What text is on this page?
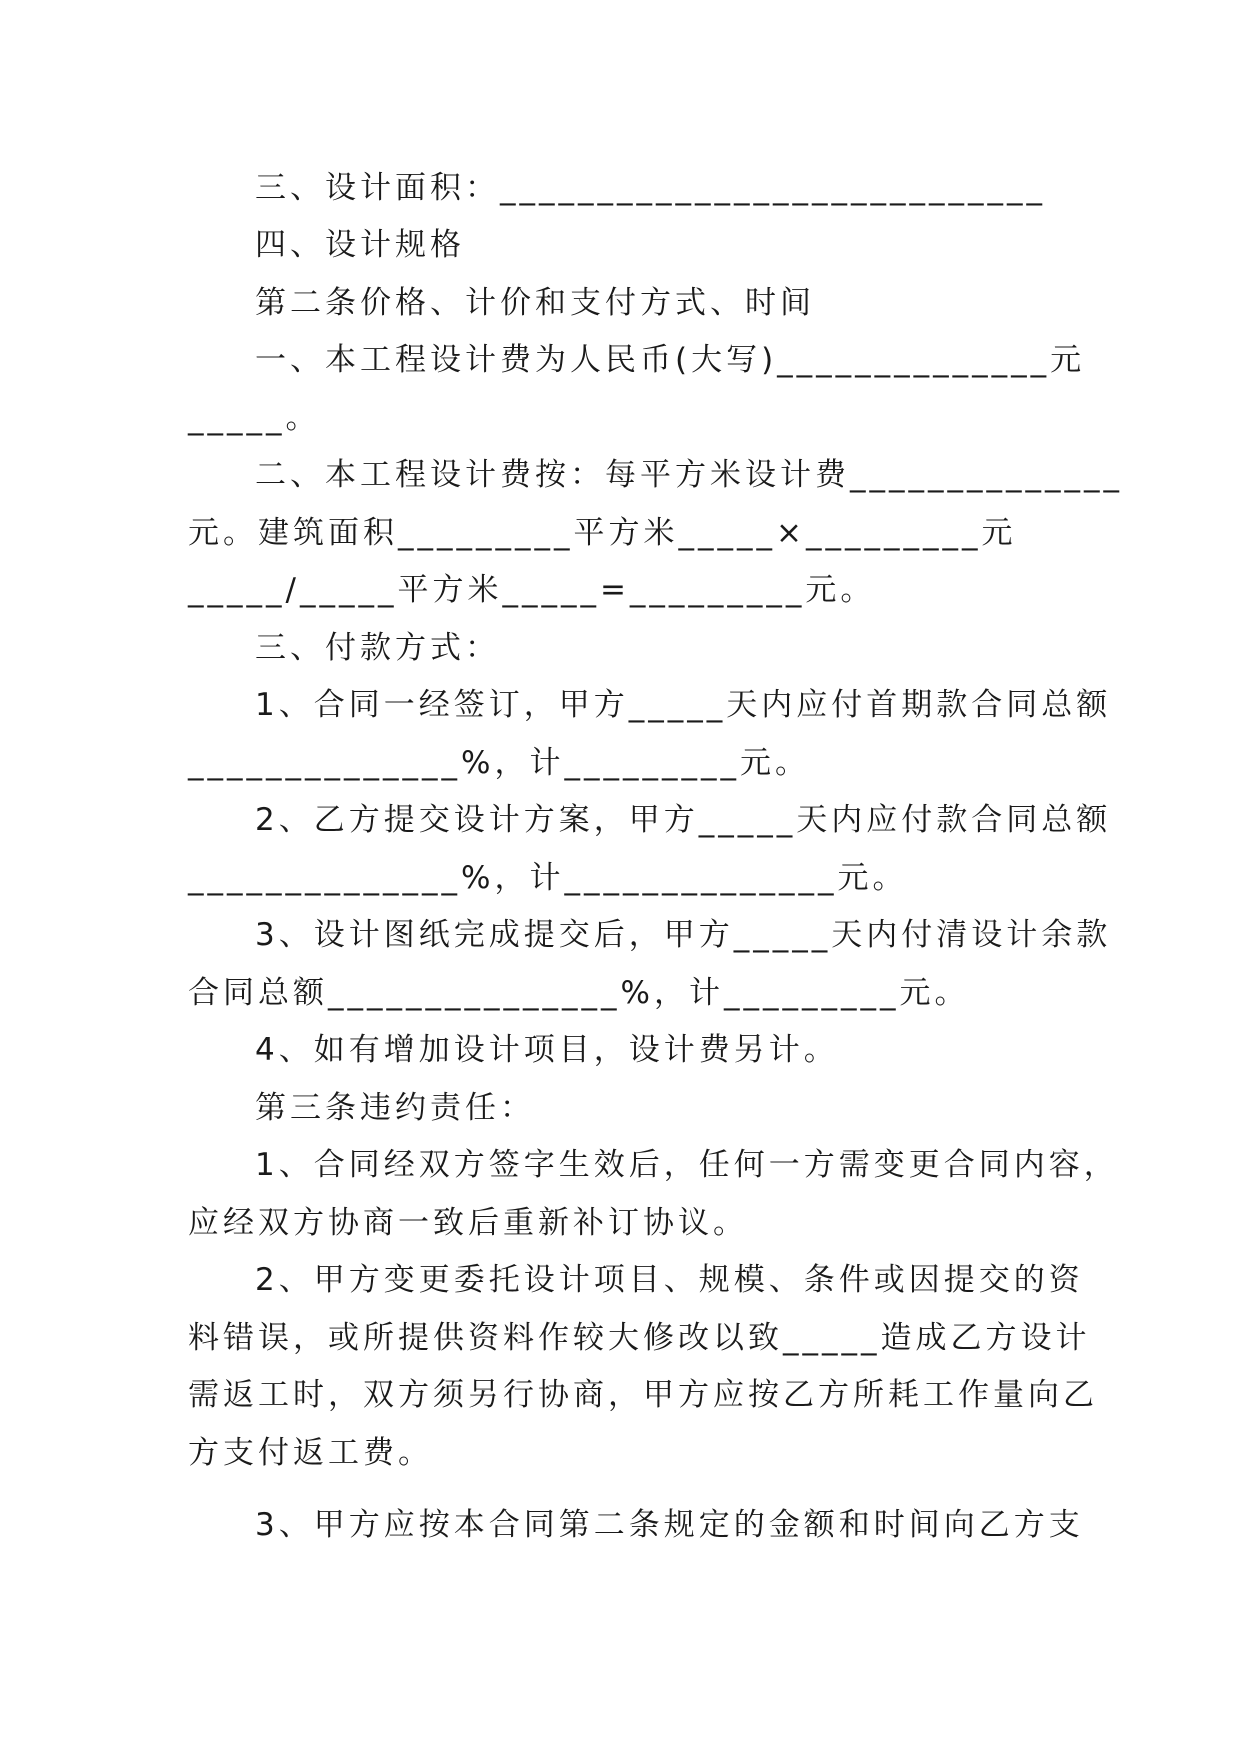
三、设计面积：____________________________
四、设计规格
第二条价格、计价和支付方式、时间
一、本工程设计费为人民币(大写)______________元
_____。
二、本工程设计费按：每平方米设计费______________
元。建筑面积_________平方米_____×_________元
_____/_____平方米_____=_________元。
三、付款方式：
1、合同一经签订，甲方_____天内应付首期款合同总额
______________%，计_________元。
2、乙方提交设计方案，甲方_____天内应付款合同总额
______________%，计______________元。
3、设计图纸完成提交后，甲方_____天内付清设计余款
合同总额_______________%，计_________元。
4、如有增加设计项目，设计费另计。
第三条违约责任：
1、合同经双方签字生效后，任何一方需变更合同内容，
应经双方协商一致后重新补订协议。
2、甲方变更委托设计项目、规模、条件或因提交的资
料错误，或所提供资料作较大修改以致_____造成乙方设计
需返工时，双方须另行协商，甲方应按乙方所耗工作量向乙
方支付返工费。
3、甲方应按本合同第二条规定的金额和时间向乙方支
